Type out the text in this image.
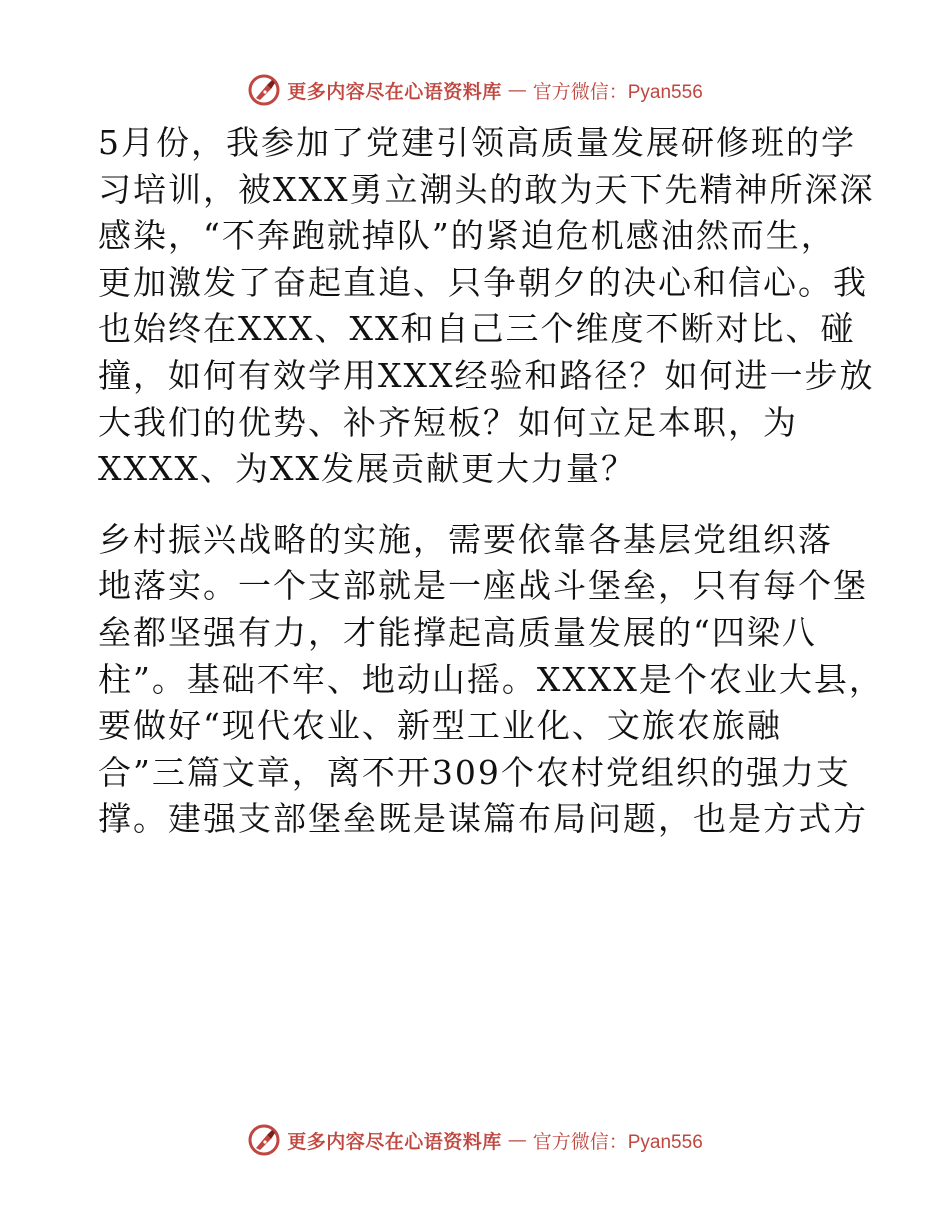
更多内容尽在心语资料库 — 官方微信：Pyan556

5月份，我参加了党建引领高质量发展研修班的学
习培训，被XXX勇立潮头的敢为天下先精神所深深
感染，“不奔跑就掉队”的紧迫危机感油然而生，
更加激发了奋起直追、只争朝夕的决心和信心。我
也始终在XXX、XX和自己三个维度不断对比、碰
撞，如何有效学用XXX经验和路径？如何进一步放
大我们的优势、补齐短板？如何立足本职，为
XXXX、为XX发展贡献更大力量？

乡村振兴战略的实施，需要依靠各基层党组织落
地落实。一个支部就是一座战斗堡垒，只有每个堡
垒都坚强有力，才能撑起高质量发展的“四梁八
柱”。基础不牢、地动山摇。XXXX是个农业大县，
要做好“现代农业、新型工业化、文旅农旅融
合”三篇文章，离不开309个农村党组织的强力支
撑。建强支部堡垒既是谋篇布局问题，也是方式方

更多内容尽在心语资料库 — 官方微信：Pyan556
